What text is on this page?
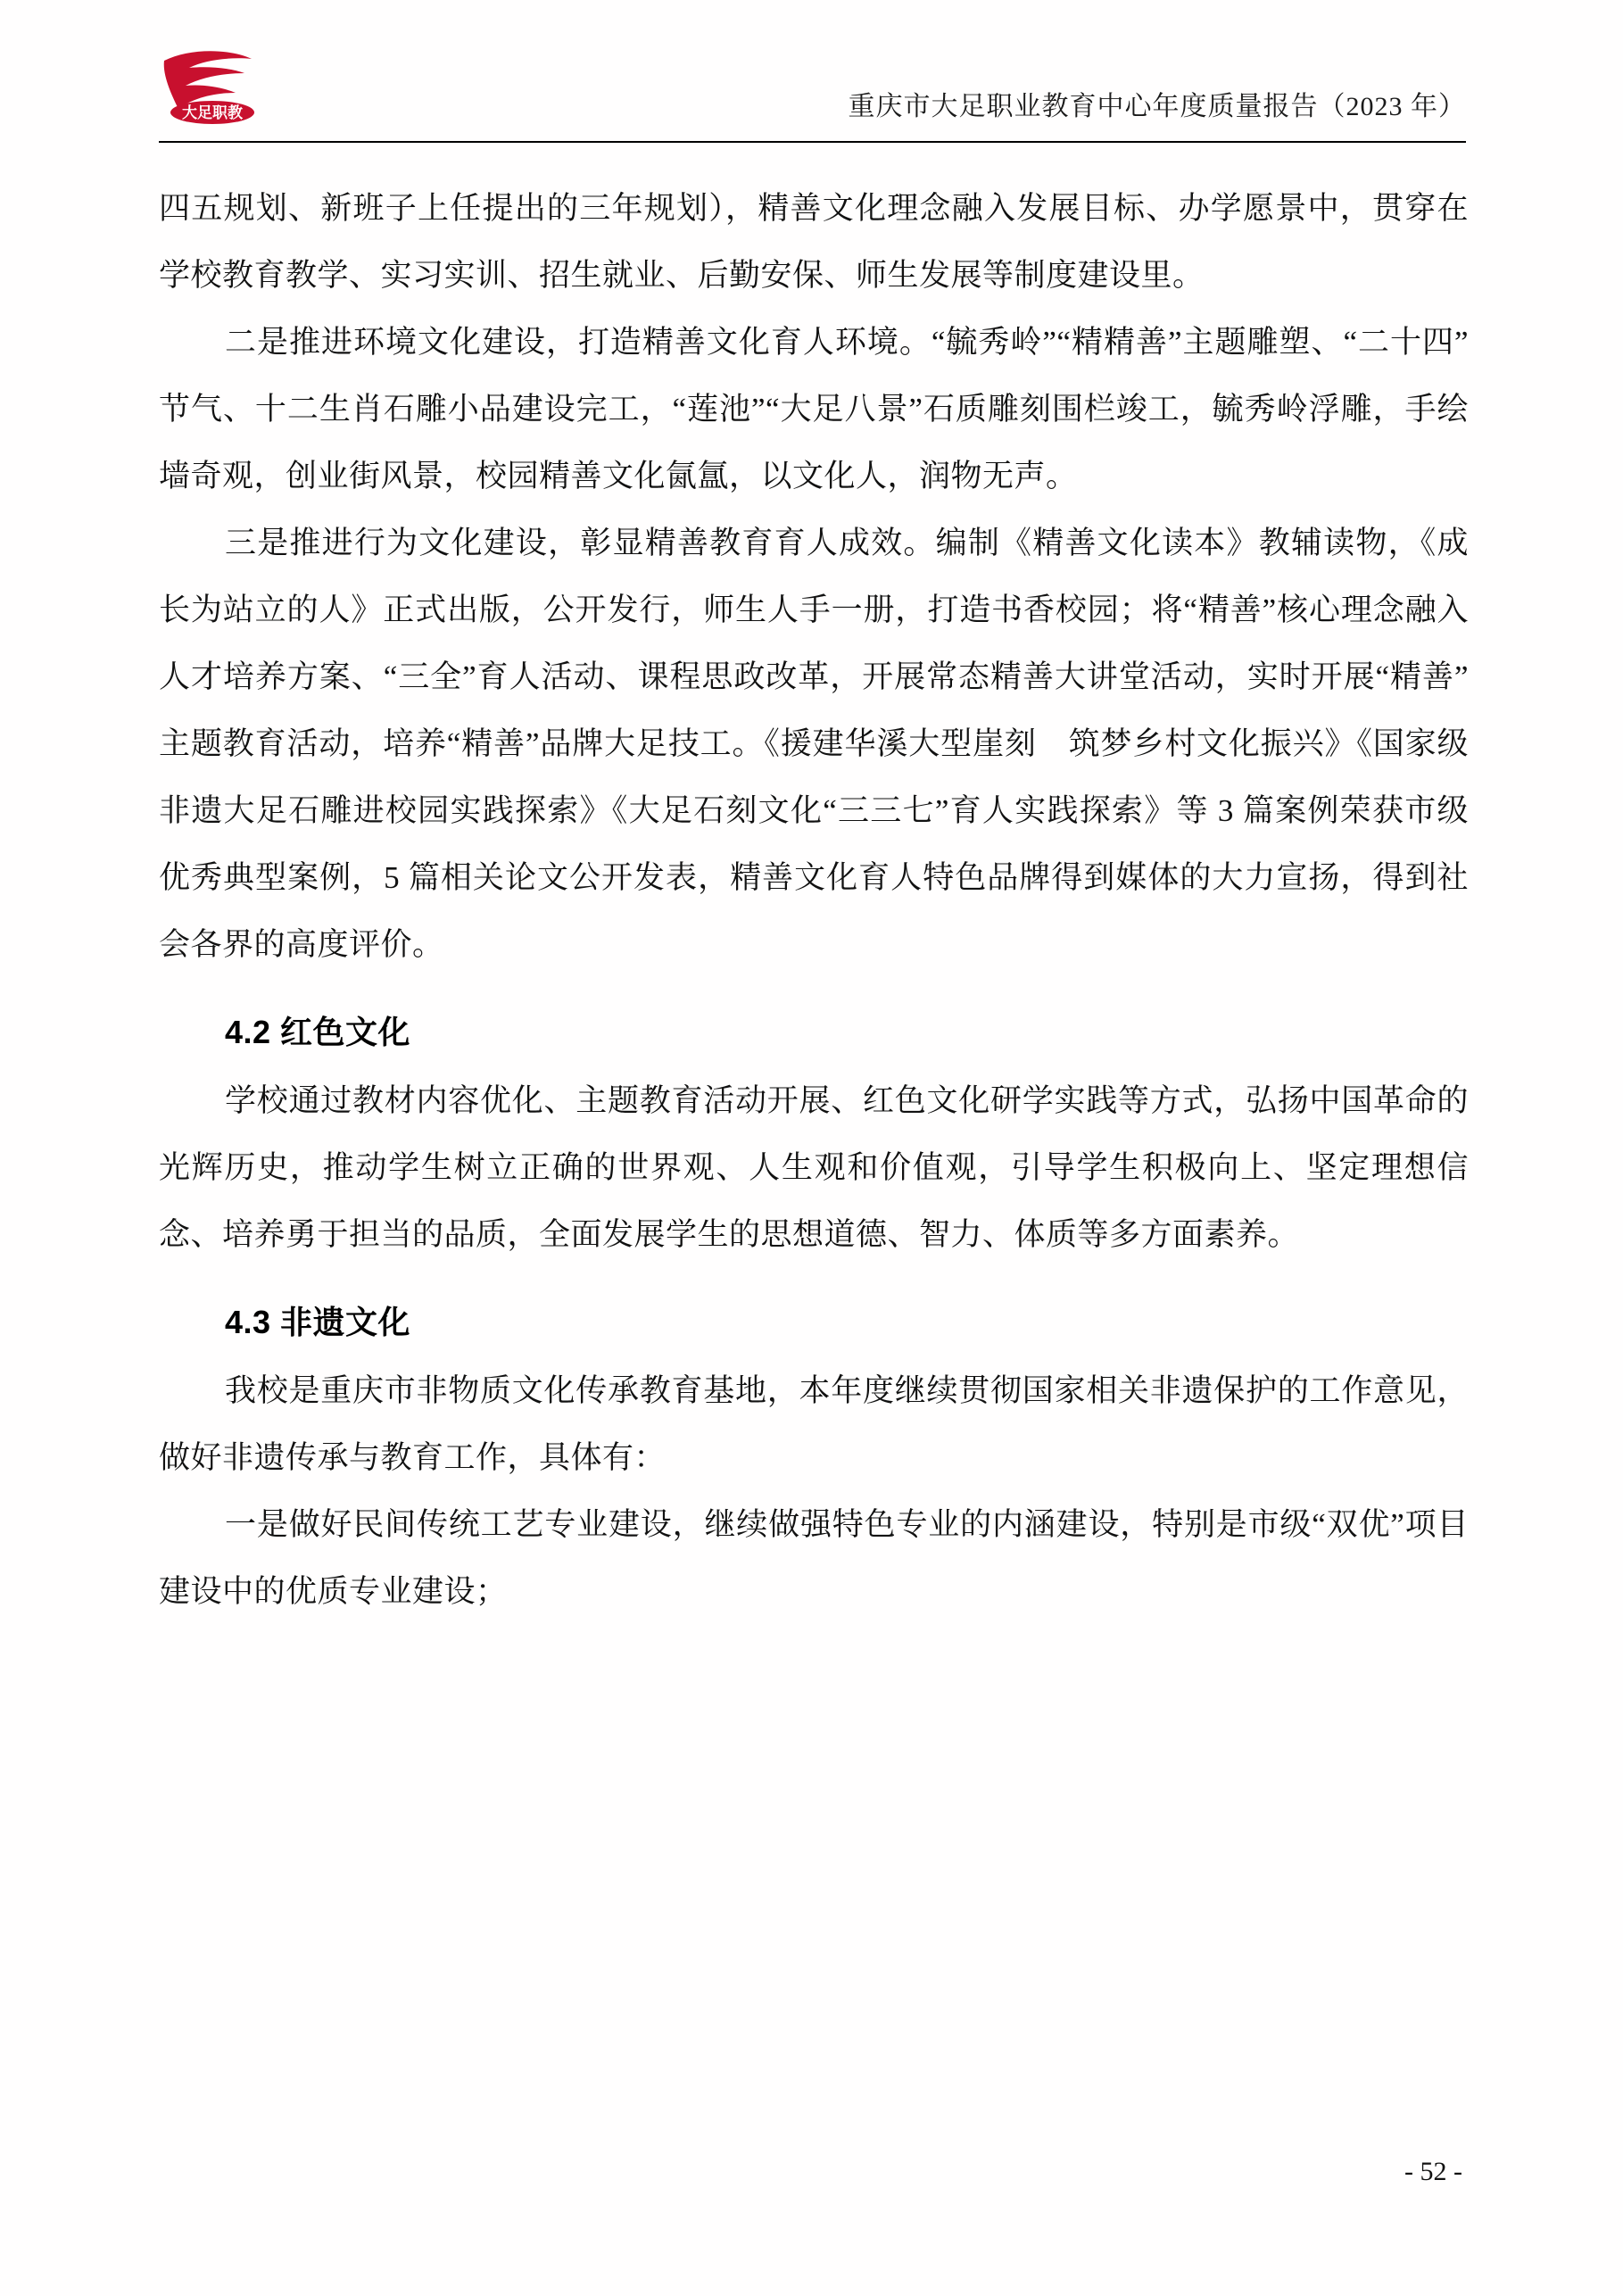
大足职教	重庆市大足职业教育中心年度质量报告（2023 年）

四五规划、新班子上任提出的三年规划），精善文化理念融入发展目标、办学愿景中，贯穿在学校教育教学、实习实训、招生就业、后勤安保、师生发展等制度建设里。

二是推进环境文化建设，打造精善文化育人环境。“毓秀岭”“精精善”主题雕塑、“二十四”节气、十二生肖石雕小品建设完工，“莲池”“大足八景”石质雕刻围栏竣工，毓秀岭浮雕，手绘墙奇观，创业街风景，校园精善文化氤氲，以文化人，润物无声。

三是推进行为文化建设，彰显精善教育育人成效。编制《精善文化读本》教辅读物，《成长为站立的人》正式出版，公开发行，师生人手一册，打造书香校园；将“精善”核心理念融入人才培养方案、“三全”育人活动、课程思政改革，开展常态精善大讲堂活动，实时开展“精善”主题教育活动，培养“精善”品牌大足技工。《援建华溪大型崖刻　筑梦乡村文化振兴》《国家级非遗大足石雕进校园实践探索》《大足石刻文化“三三七”育人实践探索》等 3 篇案例荣获市级优秀典型案例，5 篇相关论文公开发表，精善文化育人特色品牌得到媒体的大力宣扬，得到社会各界的高度评价。

4.2 红色文化

学校通过教材内容优化、主题教育活动开展、红色文化研学实践等方式，弘扬中国革命的光辉历史，推动学生树立正确的世界观、人生观和价值观，引导学生积极向上、坚定理想信念、培养勇于担当的品质，全面发展学生的思想道德、智力、体质等多方面素养。

4.3 非遗文化

我校是重庆市非物质文化传承教育基地，本年度继续贯彻国家相关非遗保护的工作意见，做好非遗传承与教育工作，具体有：

一是做好民间传统工艺专业建设，继续做强特色专业的内涵建设，特别是市级“双优”项目建设中的优质专业建设；

- 52 -
